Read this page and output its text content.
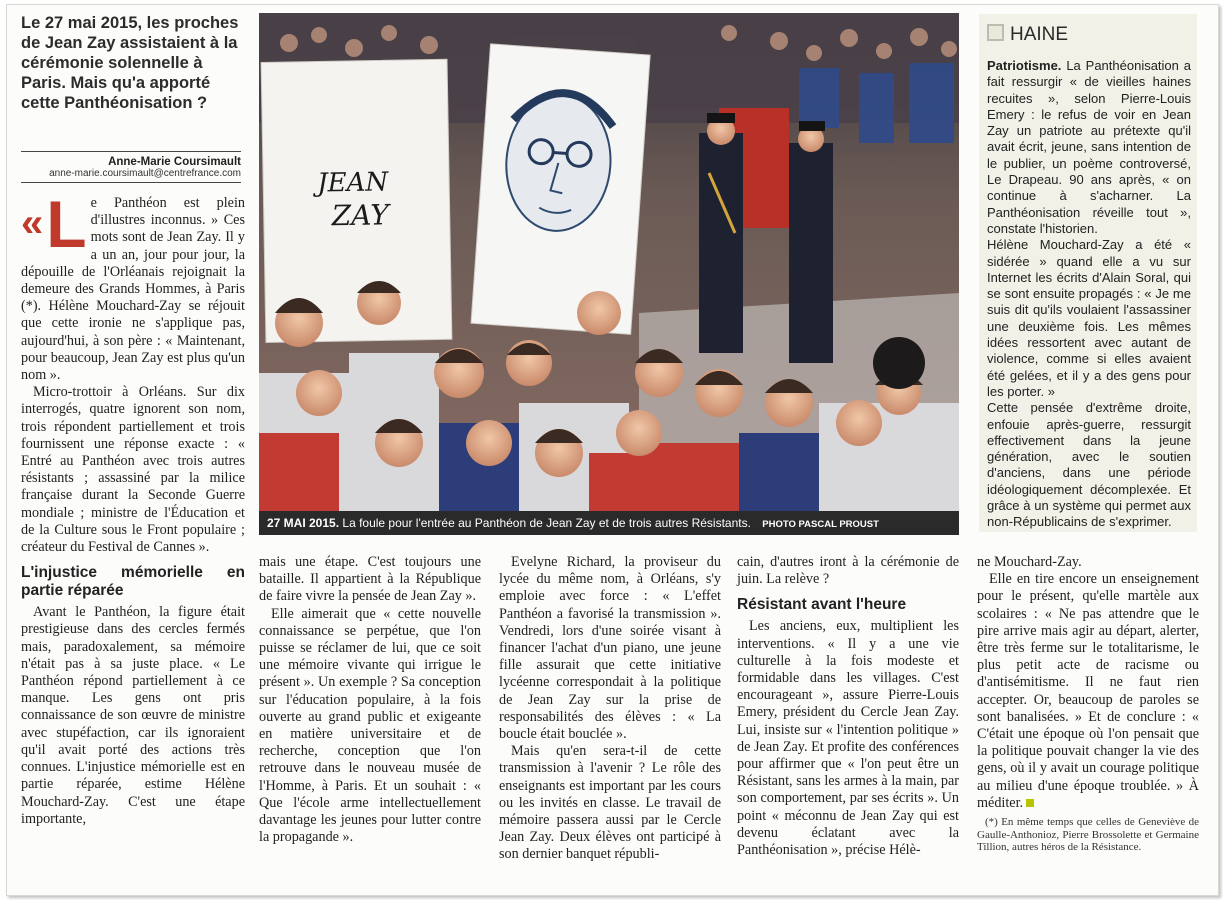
Le 27 mai 2015, les proches de Jean Zay assistaient à la cérémonie solennelle à Paris. Mais qu'a apporté cette Panthéonisation ?
Anne-Marie Coursimault
anne-marie.coursimault@centrefrance.com

« L e Panthéon est plein d'illustres inconnus. » Ces mots sont de Jean Zay. Il y a un an, jour pour jour, la dépouille de l'Orléanais rejoignait la demeure des Grands Hommes, à Paris (*). Hélène Mouchard-Zay se réjouit que cette ironie ne s'applique pas, aujourd'hui, à son père : « Maintenant, pour beaucoup, Jean Zay est plus qu'un nom ».

Micro-trottoir à Orléans. Sur dix interrogés, quatre ignorent son nom, trois répondent partiellement et trois fournissent une réponse exacte : « Entré au Panthéon avec trois autres résistants ; assassiné par la milice française durant la Seconde Guerre mondiale ; ministre de l'Éducation et de la Culture sous le Front populaire ; créateur du Festival de Cannes ».

L'injustice mémorielle en partie réparée

Avant le Panthéon, la figure était prestigieuse dans des cercles fermés mais, paradoxalement, sa mémoire n'était pas à sa juste place. « Le Panthéon répond partiellement à ce manque. Les gens ont pris connaissance de son œuvre de ministre avec stupéfaction, car ils ignoraient qu'il avait porté des actions très connues. L'injustice mémorielle est en partie réparée, estime Hélène Mouchard-Zay. C'est une étape importante,

JEAN
ZAY
27 MAI 2015. La foule pour l'entrée au Panthéon de Jean Zay et de trois autres Résistants. PHOTO PASCAL PROUST
HAINE

Patriotisme. La Panthéonisation a fait ressurgir « de vieilles haines recuites », selon Pierre-Louis Emery : le refus de voir en Jean Zay un patriote au prétexte qu'il avait écrit, jeune, sans intention de le publier, un poème controversé, Le Drapeau. 90 ans après, « on continue à s'acharner. La Panthéonisation réveille tout », constate l'historien.

Hélène Mouchard-Zay a été « sidérée » quand elle a vu sur Internet les écrits d'Alain Soral, qui se sont ensuite propagés : « Je me suis dit qu'ils voulaient l'assassiner une deuxième fois. Les mêmes idées ressortent avec autant de violence, comme si elles avaient été gelées, et il y a des gens pour les porter. »

Cette pensée d'extrême droite, enfouie après-guerre, ressurgit effectivement dans la jeune génération, avec le soutien d'anciens, dans une période idéologiquement décomplexée. Et grâce à un système qui permet aux non-Républicains de s'exprimer.

mais une étape. C'est toujours une bataille. Il appartient à la République de faire vivre la pensée de Jean Zay ».

Elle aimerait que « cette nouvelle connaissance se perpétue, que l'on puisse se réclamer de lui, que ce soit une mémoire vivante qui irrigue le présent ». Un exemple ? Sa conception sur l'éducation populaire, à la fois ouverte au grand public et exigeante en matière universitaire et de recherche, conception que l'on retrouve dans le nouveau musée de l'Homme, à Paris. Et un souhait : « Que l'école arme intellectuellement davantage les jeunes pour lutter contre la propagande ».

Evelyne Richard, la proviseur du lycée du même nom, à Orléans, s'y emploie avec force : « L'effet Panthéon a favorisé la transmission ». Vendredi, lors d'une soirée visant à financer l'achat d'un piano, une jeune fille assurait que cette initiative lycéenne correspondait à la politique de Jean Zay sur la prise de responsabilités des élèves : « La boucle était bouclée ».

Mais qu'en sera-t-il de cette transmission à l'avenir ? Le rôle des enseignants est important par les cours ou les invités en classe. Le travail de mémoire passera aussi par le Cercle Jean Zay. Deux élèves ont participé à son dernier banquet républi-

cain, d'autres iront à la cérémonie de juin. La relève ?

Résistant avant l'heure

Les anciens, eux, multiplient les interventions. « Il y a une vie culturelle à la fois modeste et formidable dans les villages. C'est encourageant », assure Pierre-Louis Emery, président du Cercle Jean Zay. Lui, insiste sur « l'intention politique » de Jean Zay. Et profite des conférences pour affirmer que « l'on peut être un Résistant, sans les armes à la main, par son comportement, par ses écrits ». Un point « méconnu de Jean Zay qui est devenu éclatant avec la Panthéonisation », précise Hélè-

ne Mouchard-Zay.

Elle en tire encore un enseignement pour le présent, qu'elle martèle aux scolaires : « Ne pas attendre que le pire arrive mais agir au départ, alerter, être très ferme sur le totalitarisme, le plus petit acte de racisme ou d'antisémitisme. Il ne faut rien accepter. Or, beaucoup de paroles se sont banalisées. » Et de conclure : « C'était une époque où l'on pensait que la politique pouvait changer la vie des gens, où il y avait un courage politique au milieu d'une époque troublée. » À méditer.

(*) En même temps que celles de Geneviève de Gaulle-Anthonioz, Pierre Brossolette et Germaine Tillion, autres héros de la Résistance.
